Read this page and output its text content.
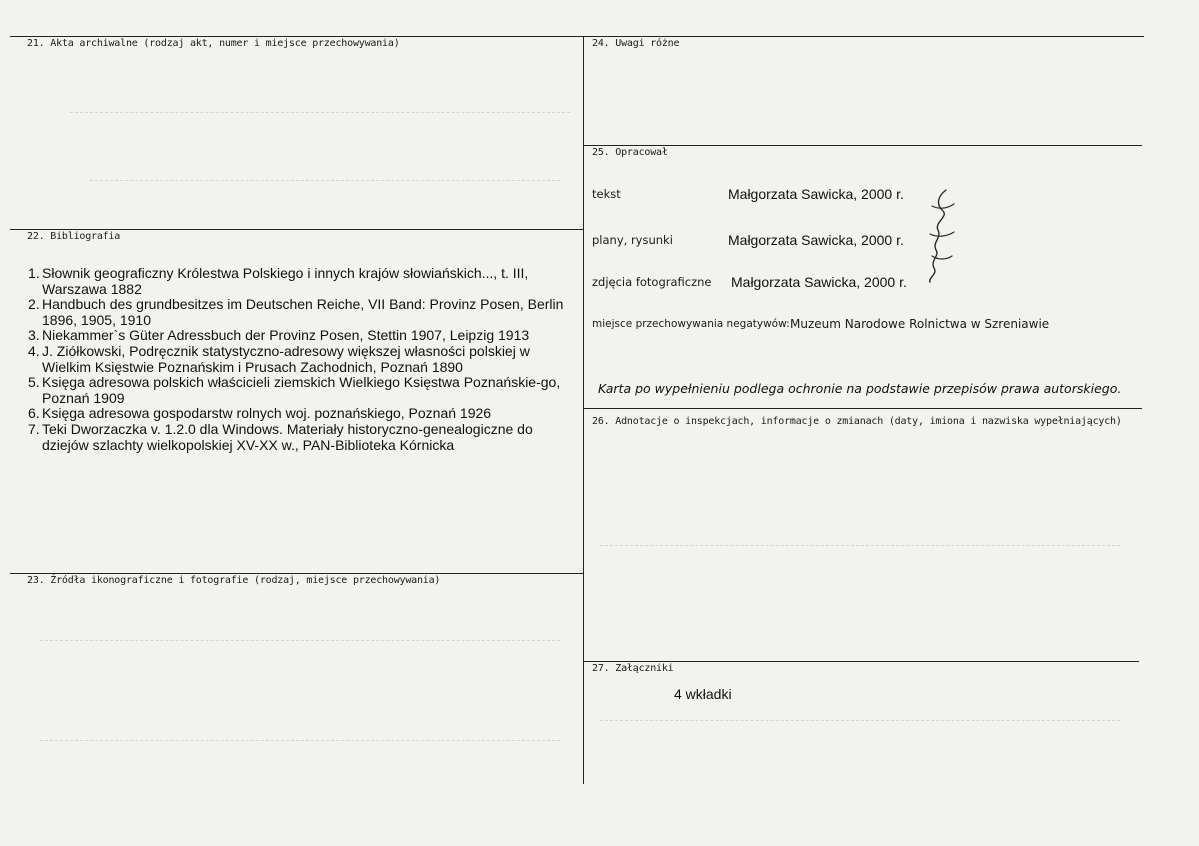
21. Akta archiwalne (rodzaj akt, numer i miejsce przechowywania)
22. Bibliografia
1. Słownik geograficzny Królestwa Polskiego i innych krajów słowiańskich..., t. III, Warszawa 1882
2. Handbuch des grundbesitzes im Deutschen Reiche, VII Band: Provinz Posen, Berlin 1896, 1905, 1910
3. Niekammer`s Güter Adressbuch der Provinz Posen, Stettin 1907, Leipzig 1913
4. J. Ziółkowski, Podręcznik statystyczno-adresowy większej własności polskiej w Wielkim Księstwie Poznańskim i Prusach Zachodnich, Poznań 1890
5. Księga adresowa polskich właścicieli ziemskich Wielkiego Księstwa Poznańskie-go, Poznań 1909
6. Księga adresowa gospodarstw rolnych woj. poznańskiego, Poznań 1926
7. Teki Dworzaczka v. 1.2.0 dla Windows. Materiały historyczno-genealogiczne do dziejów szlachty wielkopolskiej XV-XX w., PAN-Biblioteka Kórnicka
23. Źródła ikonograficzne i fotografie (rodzaj, miejsce przechowywania)
24. Uwagi różne
25. Opracował
tekst	Małgorzata Sawicka, 2000 r.
plany, rysunki	Małgorzata Sawicka, 2000 r.
zdjęcia fotograficzne Małgorzata Sawicka, 2000 r.
miejsce przechowywania negatywów: Muzeum Narodowe Rolnictwa w Szreniawie
Karta po wypełnieniu podlega ochronie na podstawie przepisów prawa autorskiego.
26. Adnotacje o inspekcjach, informacje o zmianach (daty, imiona i nazwiska wypełniających)
27. Załączniki
4 wkładki
